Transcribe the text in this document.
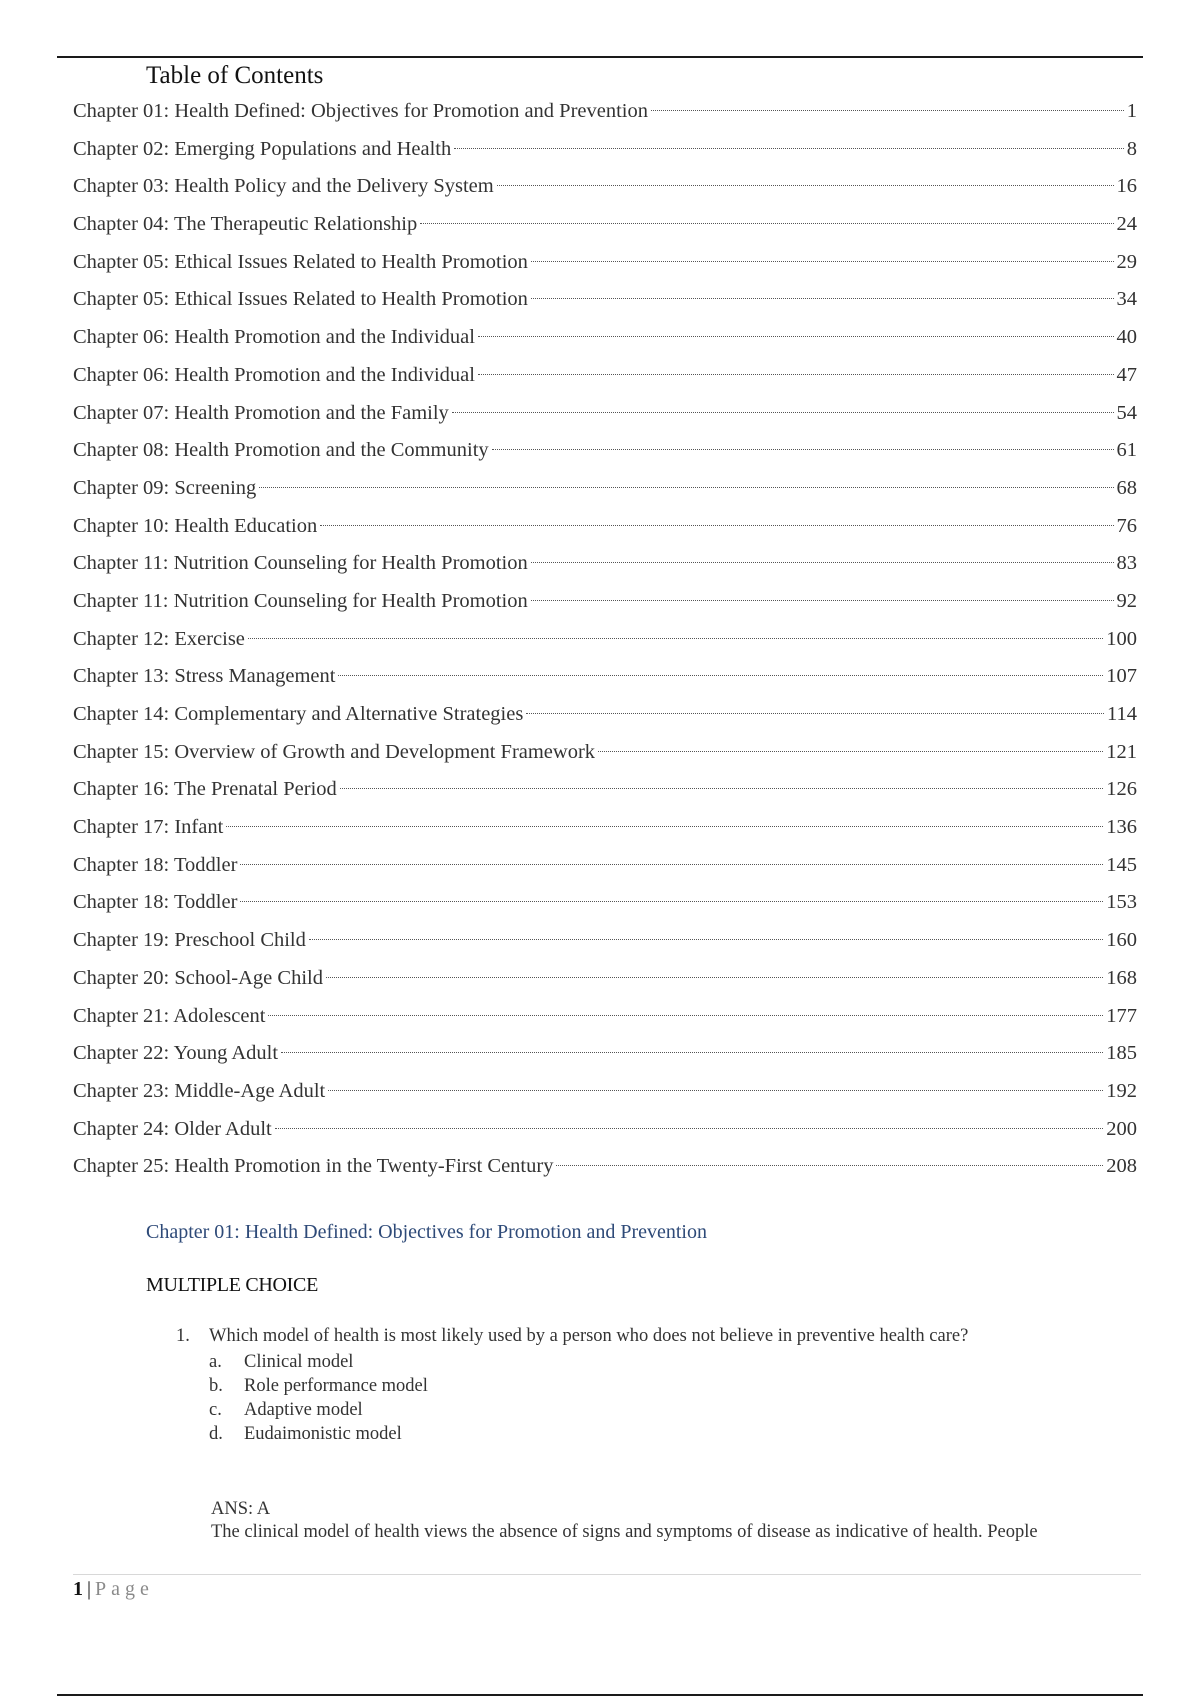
Table of Contents
Chapter 01: Health Defined: Objectives for Promotion and Prevention	1
Chapter 02: Emerging Populations and Health	8
Chapter 03: Health Policy and the Delivery System	16
Chapter 04: The Therapeutic Relationship	24
Chapter 05: Ethical Issues Related to Health Promotion	29
Chapter 05: Ethical Issues Related to Health Promotion	34
Chapter 06: Health Promotion and the Individual	40
Chapter 06: Health Promotion and the Individual	47
Chapter 07: Health Promotion and the Family	54
Chapter 08: Health Promotion and the Community	61
Chapter 09: Screening	68
Chapter 10: Health Education	76
Chapter 11: Nutrition Counseling for Health Promotion	83
Chapter 11: Nutrition Counseling for Health Promotion	92
Chapter 12: Exercise	100
Chapter 13: Stress Management	107
Chapter 14: Complementary and Alternative Strategies	114
Chapter 15: Overview of Growth and Development Framework	121
Chapter 16: The Prenatal Period	126
Chapter 17: Infant	136
Chapter 18: Toddler	145
Chapter 18: Toddler	153
Chapter 19: Preschool Child	160
Chapter 20: School-Age Child	168
Chapter 21: Adolescent	177
Chapter 22: Young Adult	185
Chapter 23: Middle-Age Adult	192
Chapter 24: Older Adult	200
Chapter 25: Health Promotion in the Twenty-First Century	208
Chapter 01: Health Defined: Objectives for Promotion and Prevention
MULTIPLE CHOICE
1.	Which model of health is most likely used by a person who does not believe in preventive health care?
a.	Clinical model
b.	Role performance model
c.	Adaptive model
d.	Eudaimonistic model
ANS: A
The clinical model of health views the absence of signs and symptoms of disease as indicative of health. People
1 | Page
